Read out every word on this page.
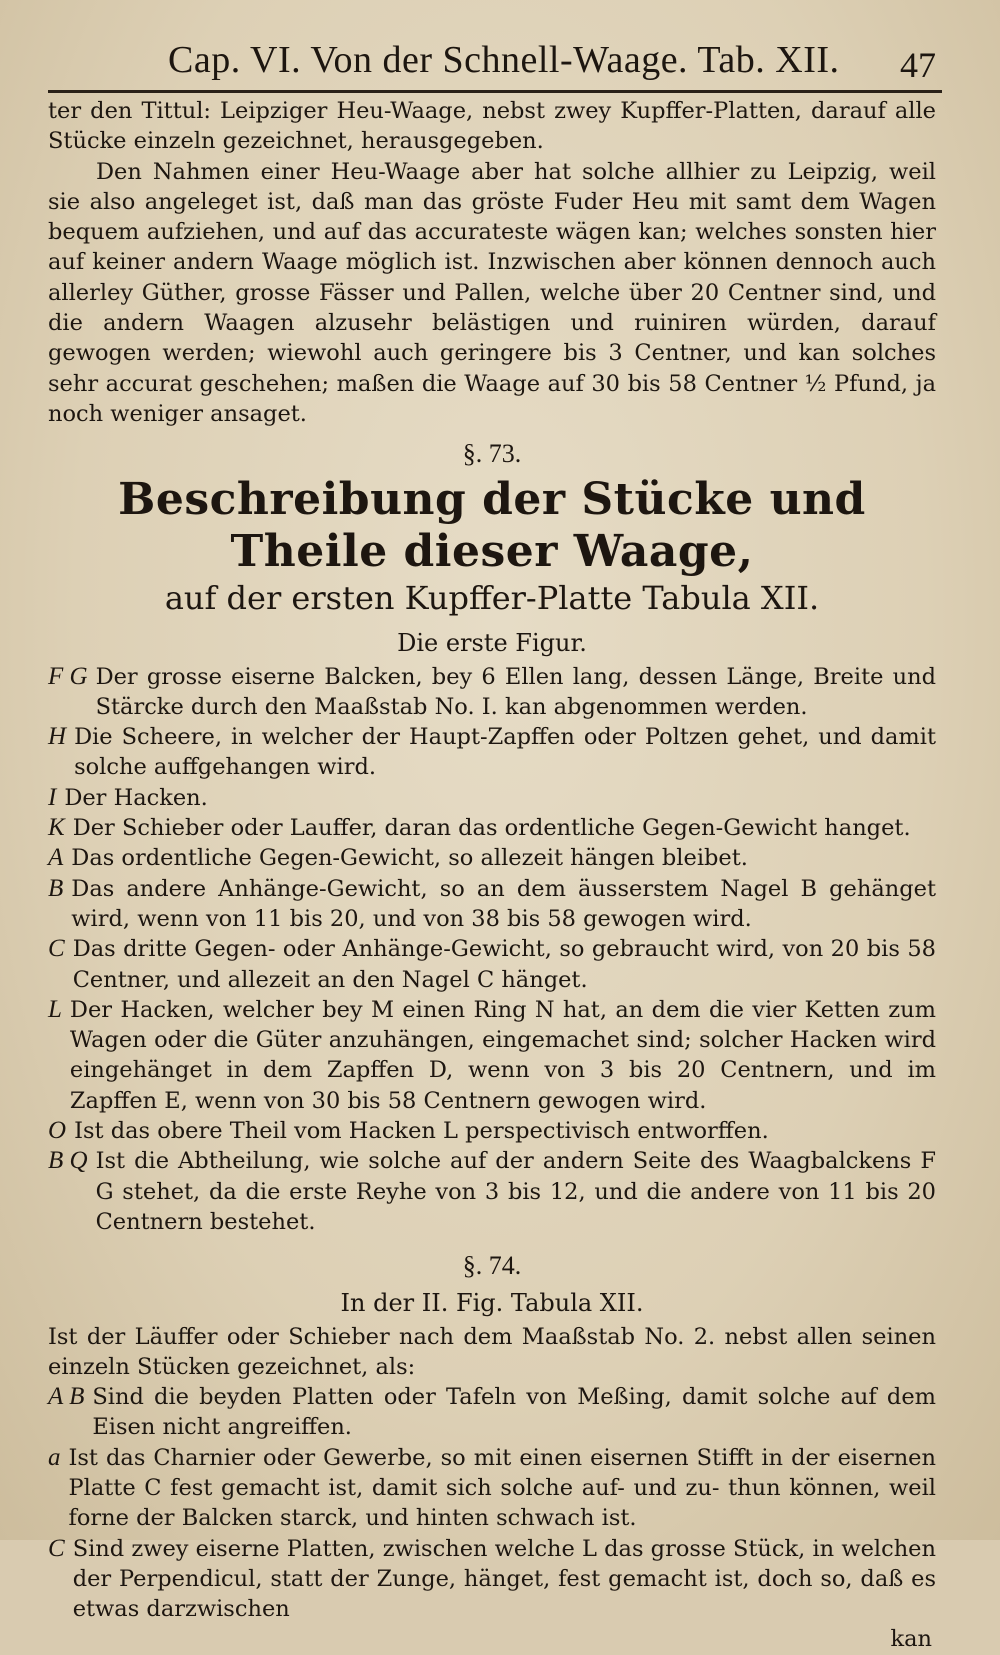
Cap. VI. Von der Schnell-Waage. Tab. XII. 47

ter den Tittul: Leipziger Heu-Waage, nebst zwey Kupffer-Platten, darauf alle Stücke einzeln gezeichnet, herausgegeben.

Den Nahmen einer Heu-Waage aber hat solche allhier zu Leipzig, weil sie also angeleget ist, daß man das gröste Fuder Heu mit samt dem Wagen bequem aufziehen, und auf das accurateste wägen kan; welches sonsten hier auf keiner andern Waage möglich ist. Inzwischen aber können dennoch auch allerley Güther, grosse Fässer und Pallen, welche über 20 Centner sind, und die andern Waagen alzusehr belästigen und ruiniren würden, darauf gewogen werden; wiewohl auch geringere bis 3 Centner, und kan solches sehr accurat geschehen; maßen die Waage auf 30 bis 58 Centner ½ Pfund, ja noch weniger ansaget.

§. 73.
Beschreibung der Stücke und Theile dieser Waage,
auf der ersten Kupffer-Platte Tabula XII.
Die erste Figur.
F G Der grosse eiserne Balcken, bey 6 Ellen lang, dessen Länge, Breite und Stärcke durch den Maaßstab No. I. kan abgenommen werden.
H Die Scheere, in welcher der Haupt-Zapffen oder Poltzen gehet, und damit solche auffgehangen wird.
I Der Hacken.
K Der Schieber oder Lauffer, daran das ordentliche Gegen-Gewicht hanget.
A Das ordentliche Gegen-Gewicht, so allezeit hängen bleibet.
B Das andere Anhänge-Gewicht, so an dem äusserstem Nagel B gehänget wird, wenn von 11 bis 20, und von 38 bis 58 gewogen wird.
C Das dritte Gegen- oder Anhänge-Gewicht, so gebraucht wird, von 20 bis 58 Centner, und allezeit an den Nagel C hänget.
L Der Hacken, welcher bey M einen Ring N hat, an dem die vier Ketten zum Wagen oder die Güter anzuhängen, eingemachet sind; solcher Hacken wird eingehänget in dem Zapffen D, wenn von 3 bis 20 Centnern, und im Zapffen E, wenn von 30 bis 58 Centnern gewogen wird.
O Ist das obere Theil vom Hacken L perspectivisch entworffen.
B Q Ist die Abtheilung, wie solche auf der andern Seite des Waagbalckens F G stehet, da die erste Reyhe von 3 bis 12, und die andere von 11 bis 20 Centnern bestehet.
§. 74.
In der II. Fig. Tabula XII.

Ist der Läuffer oder Schieber nach dem Maaßstab No. 2. nebst allen seinen einzeln Stücken gezeichnet, als:

A B Sind die beyden Platten oder Tafeln von Meßing, damit solche auf dem Eisen nicht angreiffen.
a Ist das Charnier oder Gewerbe, so mit einen eisernen Stifft in der eisernen Platte C fest gemacht ist, damit sich solche auf- und zu- thun können, weil forne der Balcken starck, und hinten schwach ist.
C Sind zwey eiserne Platten, zwischen welche L das grosse Stück, in welchen der Perpendicul, statt der Zunge, hänget, fest gemacht ist, doch so, daß es etwas darzwischen
kan
